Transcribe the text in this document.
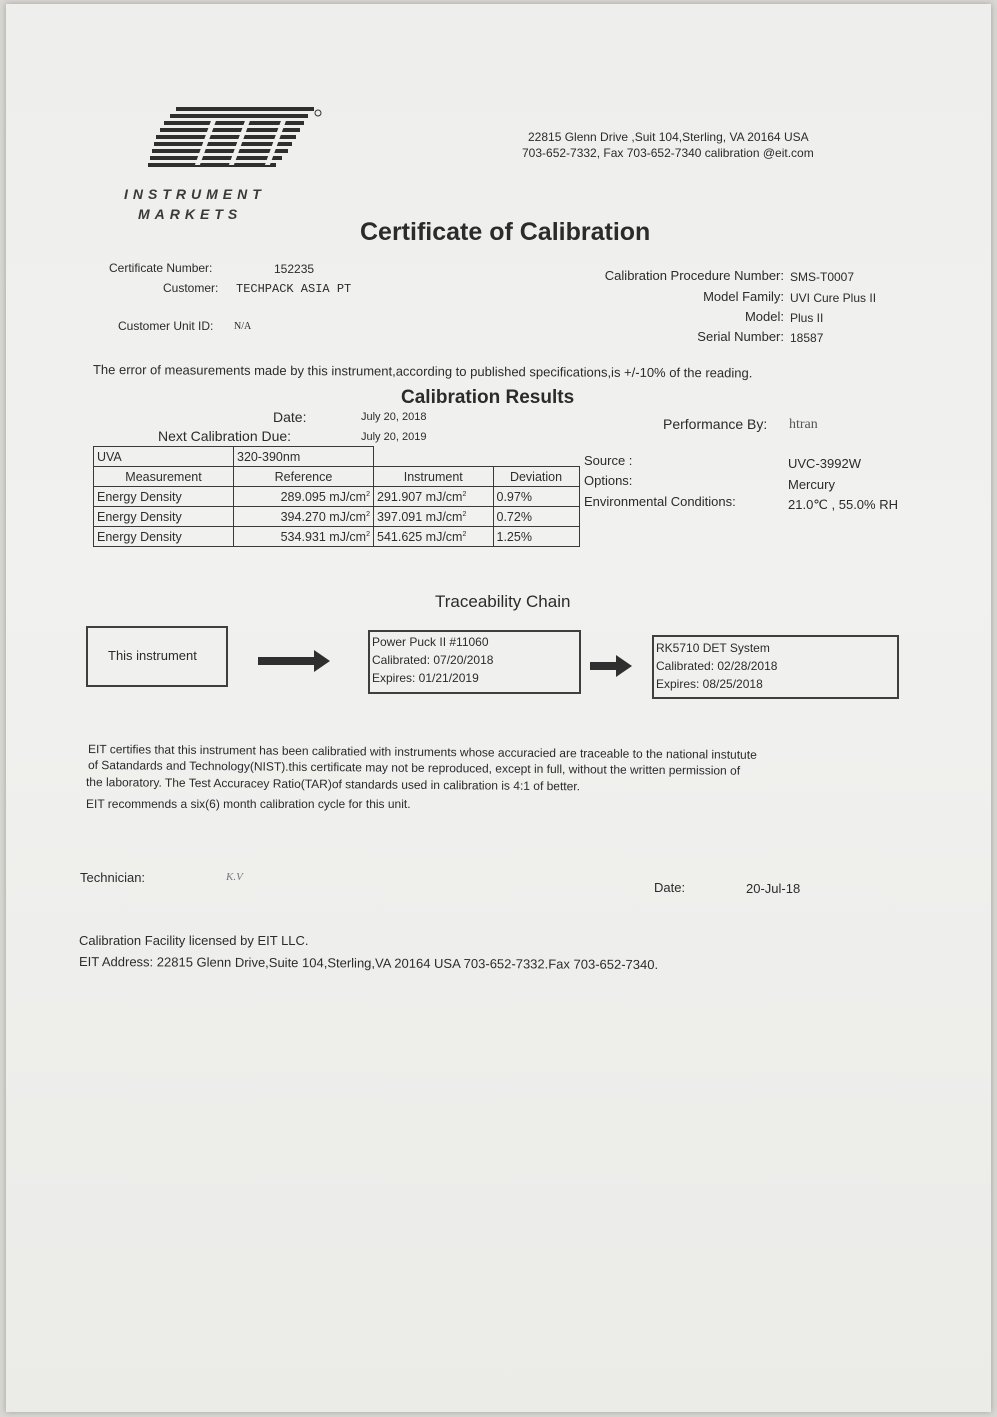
INSTRUMENT
MARKETS
22815 Glenn Drive ,Suit 104,Sterling, VA 20164 USA
703-652-7332, Fax 703-652-7340 calibration @eit.com
Certificate of Calibration
Certificate Number:	152235
Customer: TECHPACK ASIA PT
Customer Unit ID: N/A
Calibration Procedure Number: SMS-T0007
Model Family: UVI Cure Plus II
Model: Plus II
Serial Number: 18587
The error of measurements made by this instrument,according to published specifications,is +/-10% of the reading.
Calibration Results
Date:	July 20, 2018
Next Calibration Due:	July 20, 2019
Performance By: htran
UVA	320-390nm		
Measurement	Reference	Instrument	Deviation
Energy Density	289.095 $mJ/cm^2$	291.907 $mJ/cm^2$	0.97%
Energy Density	394.270 $mJ/cm^2$	397.091 $mJ/cm^2$	0.72%
Energy Density	534.931 $mJ/cm^2$	541.625 $mJ/cm^2$	1.25%
Source :	UVC-3992W
Options:	Mercury
Environmental Conditions:	21.0℃ , 55.0% RH
Traceability Chain
This instrument
Power Puck II #11060
Calibrated: 07/20/2018
Expires: 01/21/2019
RK5710 DET System
Calibrated: 02/28/2018
Expires: 08/25/2018
EIT certifies that this instrument has been calibratied with instruments whose accuracied are traceable to the national instutute
of Satandards and Technology(NIST).this certificate may not be reproduced, except in full, without the written permission of
the laboratory. The Test Accuracey Ratio(TAR)of standards used in calibration is 4:1 of better.
EIT recommends a six(6) month calibration cycle for this unit.
Technician:	K.V
Date:	20-Jul-18
Calibration Facility licensed by EIT LLC.
EIT Address: 22815 Glenn Drive,Suite 104,Sterling,VA 20164 USA 703-652-7332.Fax 703-652-7340.
